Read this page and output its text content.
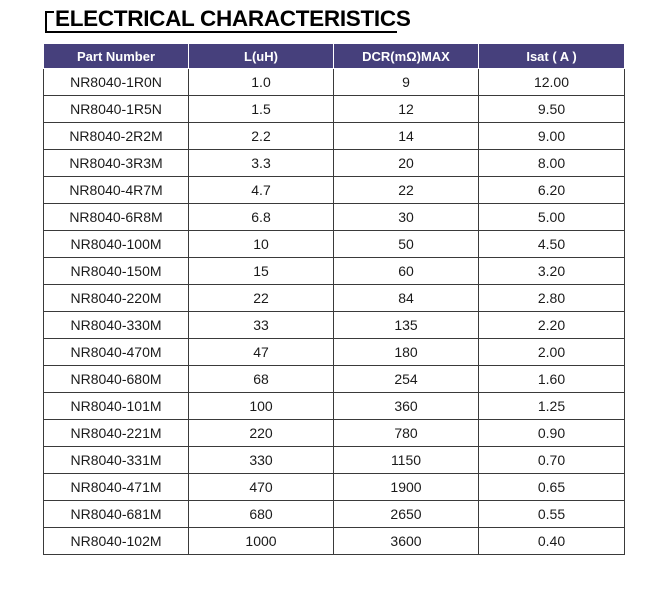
ELECTRICAL CHARACTERISTICS
Part Number	L(uH)	DCR(mΩ)MAX	Isat ( A )
NR8040-1R0N	1.0	9	12.00
NR8040-1R5N	1.5	12	9.50
NR8040-2R2M	2.2	14	9.00
NR8040-3R3M	3.3	20	8.00
NR8040-4R7M	4.7	22	6.20
NR8040-6R8M	6.8	30	5.00
NR8040-100M	10	50	4.50
NR8040-150M	15	60	3.20
NR8040-220M	22	84	2.80
NR8040-330M	33	135	2.20
NR8040-470M	47	180	2.00
NR8040-680M	68	254	1.60
NR8040-101M	100	360	1.25
NR8040-221M	220	780	0.90
NR8040-331M	330	1150	0.70
NR8040-471M	470	1900	0.65
NR8040-681M	680	2650	0.55
NR8040-102M	1000	3600	0.40
